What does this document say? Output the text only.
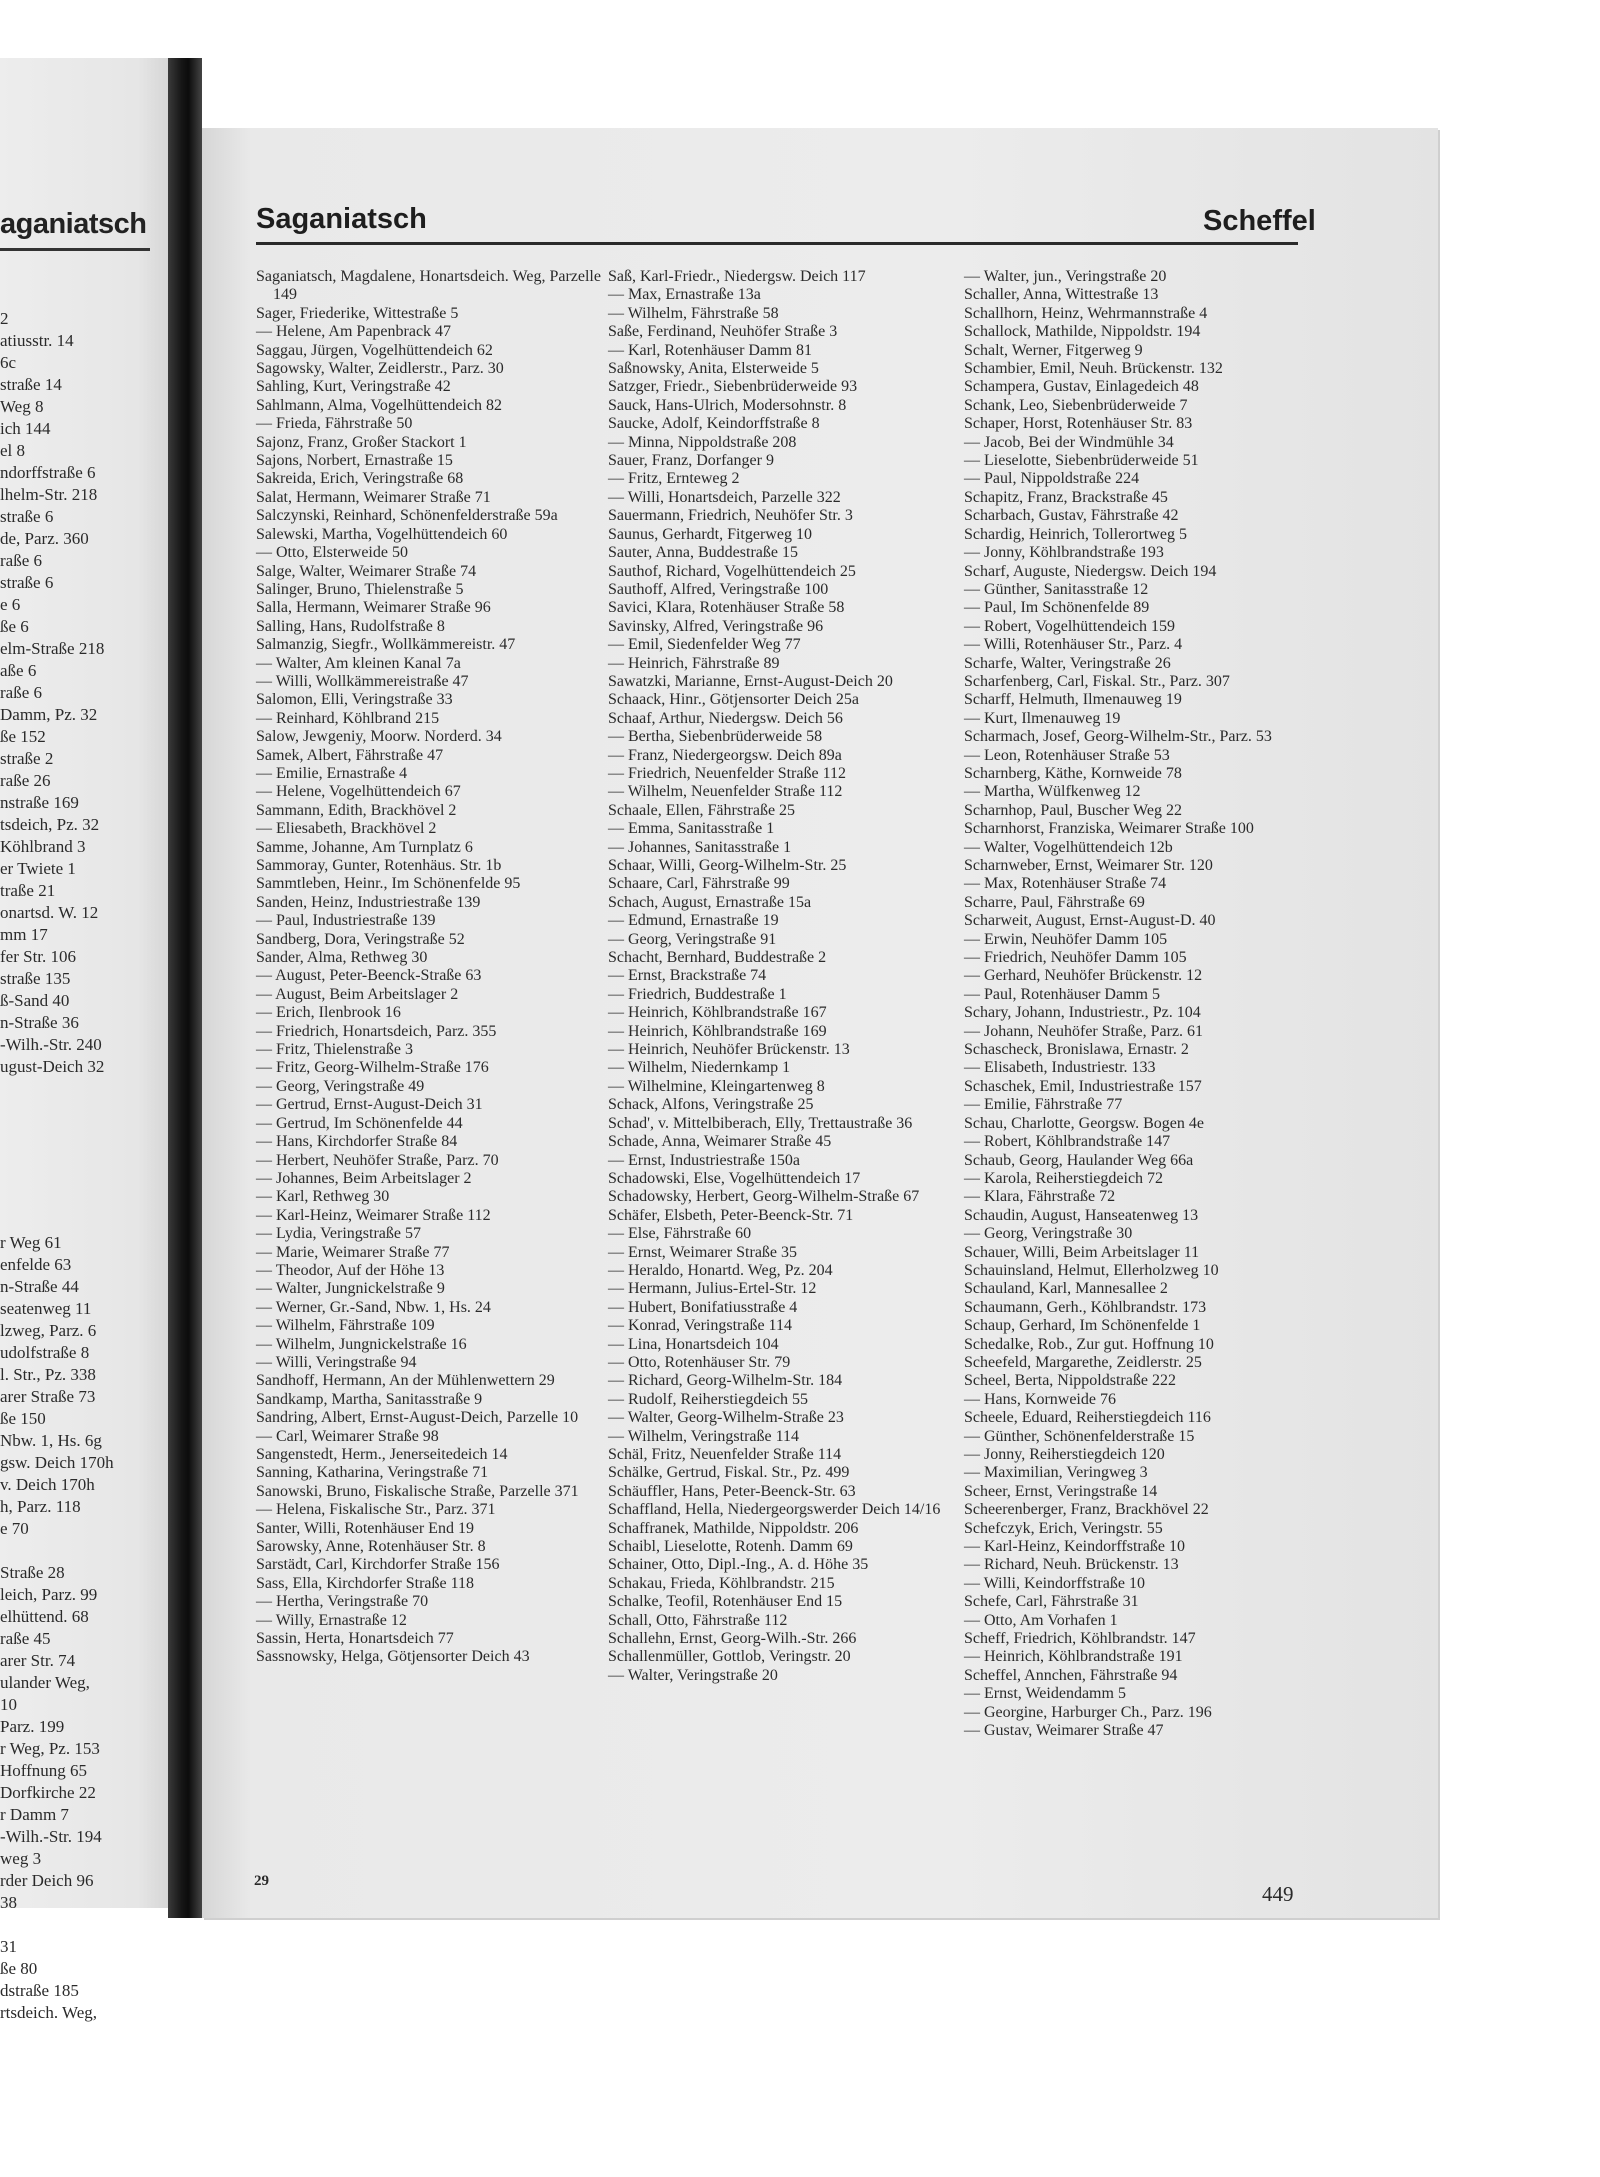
aganiatsch
2
atiusstr. 14
6c
straße 14
Weg 8
ich 144
el 8
ndorffstraße 6
lhelm-Str. 218
straße 6
de, Parz. 360
raße 6
straße 6
e 6
ße 6
elm-Straße 218
aße 6
raße 6
Damm, Pz. 32
ße 152
straße 2
raße 26
nstraße 169
tsdeich, Pz. 32
Köhlbrand 3
er Twiete 1
traße 21
onartsd. W. 12
mm 17
fer Str. 106
straße 135
ß-Sand 40
n-Straße 36
-Wilh.-Str. 240
ugust-Deich 32
r Weg 61
enfelde 63
n-Straße 44
seatenweg 11
lzweg, Parz. 6
udolfstraße 8
l. Str., Pz. 338
arer Straße 73
ße 150
Nbw. 1, Hs. 6g
gsw. Deich 170h
v. Deich 170h
h, Parz. 118
e 70
Straße 28
leich, Parz. 99
elhüttend. 68
raße 45
arer Str. 74
ulander Weg,
10
Parz. 199
r Weg, Pz. 153
Hoffnung 65
Dorfkirche 22
r Damm 7
-Wilh.-Str. 194
weg 3
rder Deich 96
38
31
ße 80
dstraße 185
rtsdeich. Weg,
Saganiatsch	Scheffel
Saganiatsch, Magdalene, Honartsdeich. Weg, Parzelle 149
Sager, Friederike, Wittestraße 5
— Helene, Am Papenbrack 47
Saggau, Jürgen, Vogelhüttendeich 62
Sagowsky, Walter, Zeidlerstr., Parz. 30
Sahling, Kurt, Veringstraße 42
Sahlmann, Alma, Vogelhüttendeich 82
— Frieda, Fährstraße 50
Sajonz, Franz, Großer Stackort 1
Sajons, Norbert, Ernastraße 15
Sakreida, Erich, Veringstraße 68
Salat, Hermann, Weimarer Straße 71
Salczynski, Reinhard, Schönenfelderstraße 59a
Salewski, Martha, Vogelhüttendeich 60
— Otto, Elsterweide 50
Salge, Walter, Weimarer Straße 74
Salinger, Bruno, Thielenstraße 5
Salla, Hermann, Weimarer Straße 96
Salling, Hans, Rudolfstraße 8
Salmanzig, Siegfr., Wollkämmereistr. 47
— Walter, Am kleinen Kanal 7a
— Willi, Wollkämmereistraße 47
Salomon, Elli, Veringstraße 33
— Reinhard, Köhlbrand 215
Salow, Jewgeniy, Moorw. Norderd. 34
Samek, Albert, Fährstraße 47
— Emilie, Ernastraße 4
— Helene, Vogelhüttendeich 67
Sammann, Edith, Brackhövel 2
— Eliesabeth, Brackhövel 2
Samme, Johanne, Am Turnplatz 6
Sammoray, Gunter, Rotenhäus. Str. 1b
Sammtleben, Heinr., Im Schönenfelde 95
Sanden, Heinz, Industriestraße 139
— Paul, Industriestraße 139
Sandberg, Dora, Veringstraße 52
Sander, Alma, Rethweg 30
— August, Peter-Beenck-Straße 63
— August, Beim Arbeitslager 2
— Erich, Ilenbrook 16
— Friedrich, Honartsdeich, Parz. 355
— Fritz, Thielenstraße 3
— Fritz, Georg-Wilhelm-Straße 176
— Georg, Veringstraße 49
— Gertrud, Ernst-August-Deich 31
— Gertrud, Im Schönenfelde 44
— Hans, Kirchdorfer Straße 84
— Herbert, Neuhöfer Straße, Parz. 70
— Johannes, Beim Arbeitslager 2
— Karl, Rethweg 30
— Karl-Heinz, Weimarer Straße 112
— Lydia, Veringstraße 57
— Marie, Weimarer Straße 77
— Theodor, Auf der Höhe 13
— Walter, Jungnickelstraße 9
— Werner, Gr.-Sand, Nbw. 1, Hs. 24
— Wilhelm, Fährstraße 109
— Wilhelm, Jungnickelstraße 16
— Willi, Veringstraße 94
Sandhoff, Hermann, An der Mühlenwettern 29
Sandkamp, Martha, Sanitasstraße 9
Sandring, Albert, Ernst-August-Deich, Parzelle 10
— Carl, Weimarer Straße 98
Sangenstedt, Herm., Jenerseitedeich 14
Sanning, Katharina, Veringstraße 71
Sanowski, Bruno, Fiskalische Straße, Parzelle 371
— Helena, Fiskalische Str., Parz. 371
Santer, Willi, Rotenhäuser End 19
Sarowsky, Anne, Rotenhäuser Str. 8
Sarstädt, Carl, Kirchdorfer Straße 156
Sass, Ella, Kirchdorfer Straße 118
— Hertha, Veringstraße 70
— Willy, Ernastraße 12
Sassin, Herta, Honartsdeich 77
Sassnowsky, Helga, Götjensorter Deich 43
Saß, Karl-Friedr., Niedergsw. Deich 117
— Max, Ernastraße 13a
— Wilhelm, Fährstraße 58
Saße, Ferdinand, Neuhöfer Straße 3
— Karl, Rotenhäuser Damm 81
Saßnowsky, Anita, Elsterweide 5
Satzger, Friedr., Siebenbrüderweide 93
Sauck, Hans-Ulrich, Modersohnstr. 8
Saucke, Adolf, Keindorffstraße 8
— Minna, Nippoldstraße 208
Sauer, Franz, Dorfanger 9
— Fritz, Ernteweg 2
— Willi, Honartsdeich, Parzelle 322
Sauermann, Friedrich, Neuhöfer Str. 3
Saunus, Gerhardt, Fitgerweg 10
Sauter, Anna, Buddestraße 15
Sauthof, Richard, Vogelhüttendeich 25
Sauthoff, Alfred, Veringstraße 100
Savici, Klara, Rotenhäuser Straße 58
Savinsky, Alfred, Veringstraße 96
— Emil, Siedenfelder Weg 77
— Heinrich, Fährstraße 89
Sawatzki, Marianne, Ernst-August-Deich 20
Schaack, Hinr., Götjensorter Deich 25a
Schaaf, Arthur, Niedergsw. Deich 56
— Bertha, Siebenbrüderweide 58
— Franz, Niedergeorgsw. Deich 89a
— Friedrich, Neuenfelder Straße 112
— Wilhelm, Neuenfelder Straße 112
Schaale, Ellen, Fährstraße 25
— Emma, Sanitasstraße 1
— Johannes, Sanitasstraße 1
Schaar, Willi, Georg-Wilhelm-Str. 25
Schaare, Carl, Fährstraße 99
Schach, August, Ernastraße 15a
— Edmund, Ernastraße 19
— Georg, Veringstraße 91
Schacht, Bernhard, Buddestraße 2
— Ernst, Brackstraße 74
— Friedrich, Buddestraße 1
— Heinrich, Köhlbrandstraße 167
— Heinrich, Köhlbrandstraße 169
— Heinrich, Neuhöfer Brückenstr. 13
— Wilhelm, Niedernkamp 1
— Wilhelmine, Kleingartenweg 8
Schack, Alfons, Veringstraße 25
Schad', v. Mittelbiberach, Elly, Trettaustraße 36
Schade, Anna, Weimarer Straße 45
— Ernst, Industriestraße 150a
Schadowski, Else, Vogelhüttendeich 17
Schadowsky, Herbert, Georg-Wilhelm-Straße 67
Schäfer, Elsbeth, Peter-Beenck-Str. 71
— Else, Fährstraße 60
— Ernst, Weimarer Straße 35
— Heraldo, Honartd. Weg, Pz. 204
— Hermann, Julius-Ertel-Str. 12
— Hubert, Bonifatiusstraße 4
— Konrad, Veringstraße 114
— Lina, Honartsdeich 104
— Otto, Rotenhäuser Str. 79
— Richard, Georg-Wilhelm-Str. 184
— Rudolf, Reiherstiegdeich 55
— Walter, Georg-Wilhelm-Straße 23
— Wilhelm, Veringstraße 114
Schäl, Fritz, Neuenfelder Straße 114
Schälke, Gertrud, Fiskal. Str., Pz. 499
Schäuffler, Hans, Peter-Beenck-Str. 63
Schaffland, Hella, Niedergeorgswerder Deich 14/16
Schaffranek, Mathilde, Nippoldstr. 206
Schaibl, Lieselotte, Rotenh. Damm 69
Schainer, Otto, Dipl.-Ing., A. d. Höhe 35
Schakau, Frieda, Köhlbrandstr. 215
Schalke, Teofil, Rotenhäuser End 15
Schall, Otto, Fährstraße 112
Schallehn, Ernst, Georg-Wilh.-Str. 266
Schallenmüller, Gottlob, Veringstr. 20
— Walter, Veringstraße 20
— Walter, jun., Veringstraße 20
Schaller, Anna, Wittestraße 13
Schallhorn, Heinz, Wehrmannstraße 4
Schallock, Mathilde, Nippoldstr. 194
Schalt, Werner, Fitgerweg 9
Schambier, Emil, Neuh. Brückenstr. 132
Schampera, Gustav, Einlagedeich 48
Schank, Leo, Siebenbrüderweide 7
Schaper, Horst, Rotenhäuser Str. 83
— Jacob, Bei der Windmühle 34
— Lieselotte, Siebenbrüderweide 51
— Paul, Nippoldstraße 224
Schapitz, Franz, Brackstraße 45
Scharbach, Gustav, Fährstraße 42
Schardig, Heinrich, Tollerortweg 5
— Jonny, Köhlbrandstraße 193
Scharf, Auguste, Niedergsw. Deich 194
— Günther, Sanitasstraße 12
— Paul, Im Schönenfelde 89
— Robert, Vogelhüttendeich 159
— Willi, Rotenhäuser Str., Parz. 4
Scharfe, Walter, Veringstraße 26
Scharfenberg, Carl, Fiskal. Str., Parz. 307
Scharff, Helmuth, Ilmenauweg 19
— Kurt, Ilmenauweg 19
Scharmach, Josef, Georg-Wilhelm-Str., Parz. 53
— Leon, Rotenhäuser Straße 53
Scharnberg, Käthe, Kornweide 78
— Martha, Wülfkenweg 12
Scharnhop, Paul, Buscher Weg 22
Scharnhorst, Franziska, Weimarer Straße 100
— Walter, Vogelhüttendeich 12b
Scharnweber, Ernst, Weimarer Str. 120
— Max, Rotenhäuser Straße 74
Scharre, Paul, Fährstraße 69
Scharweit, August, Ernst-August-D. 40
— Erwin, Neuhöfer Damm 105
— Friedrich, Neuhöfer Damm 105
— Gerhard, Neuhöfer Brückenstr. 12
— Paul, Rotenhäuser Damm 5
Schary, Johann, Industriestr., Pz. 104
— Johann, Neuhöfer Straße, Parz. 61
Schascheck, Bronislawa, Ernastr. 2
— Elisabeth, Industriestr. 133
Schaschek, Emil, Industriestraße 157
— Emilie, Fährstraße 77
Schau, Charlotte, Georgsw. Bogen 4e
— Robert, Köhlbrandstraße 147
Schaub, Georg, Haulander Weg 66a
— Karola, Reiherstiegdeich 72
— Klara, Fährstraße 72
Schaudin, August, Hanseatenweg 13
— Georg, Veringstraße 30
Schauer, Willi, Beim Arbeitslager 11
Schauinsland, Helmut, Ellerholzweg 10
Schauland, Karl, Mannesallee 2
Schaumann, Gerh., Köhlbrandstr. 173
Schaup, Gerhard, Im Schönenfelde 1
Schedalke, Rob., Zur gut. Hoffnung 10
Scheefeld, Margarethe, Zeidlerstr. 25
Scheel, Berta, Nippoldstraße 222
— Hans, Kornweide 76
Scheele, Eduard, Reiherstiegdeich 116
— Günther, Schönenfelderstraße 15
— Jonny, Reiherstiegdeich 120
— Maximilian, Veringweg 3
Scheer, Ernst, Veringstraße 14
Scheerenberger, Franz, Brackhövel 22
Schefczyk, Erich, Veringstr. 55
— Karl-Heinz, Keindorffstraße 10
— Richard, Neuh. Brückenstr. 13
— Willi, Keindorffstraße 10
Schefe, Carl, Fährstraße 31
— Otto, Am Vorhafen 1
Scheff, Friedrich, Köhlbrandstr. 147
— Heinrich, Köhlbrandstraße 191
Scheffel, Annchen, Fährstraße 94
— Ernst, Weidendamm 5
— Georgine, Harburger Ch., Parz. 196
— Gustav, Weimarer Straße 47
29
449
